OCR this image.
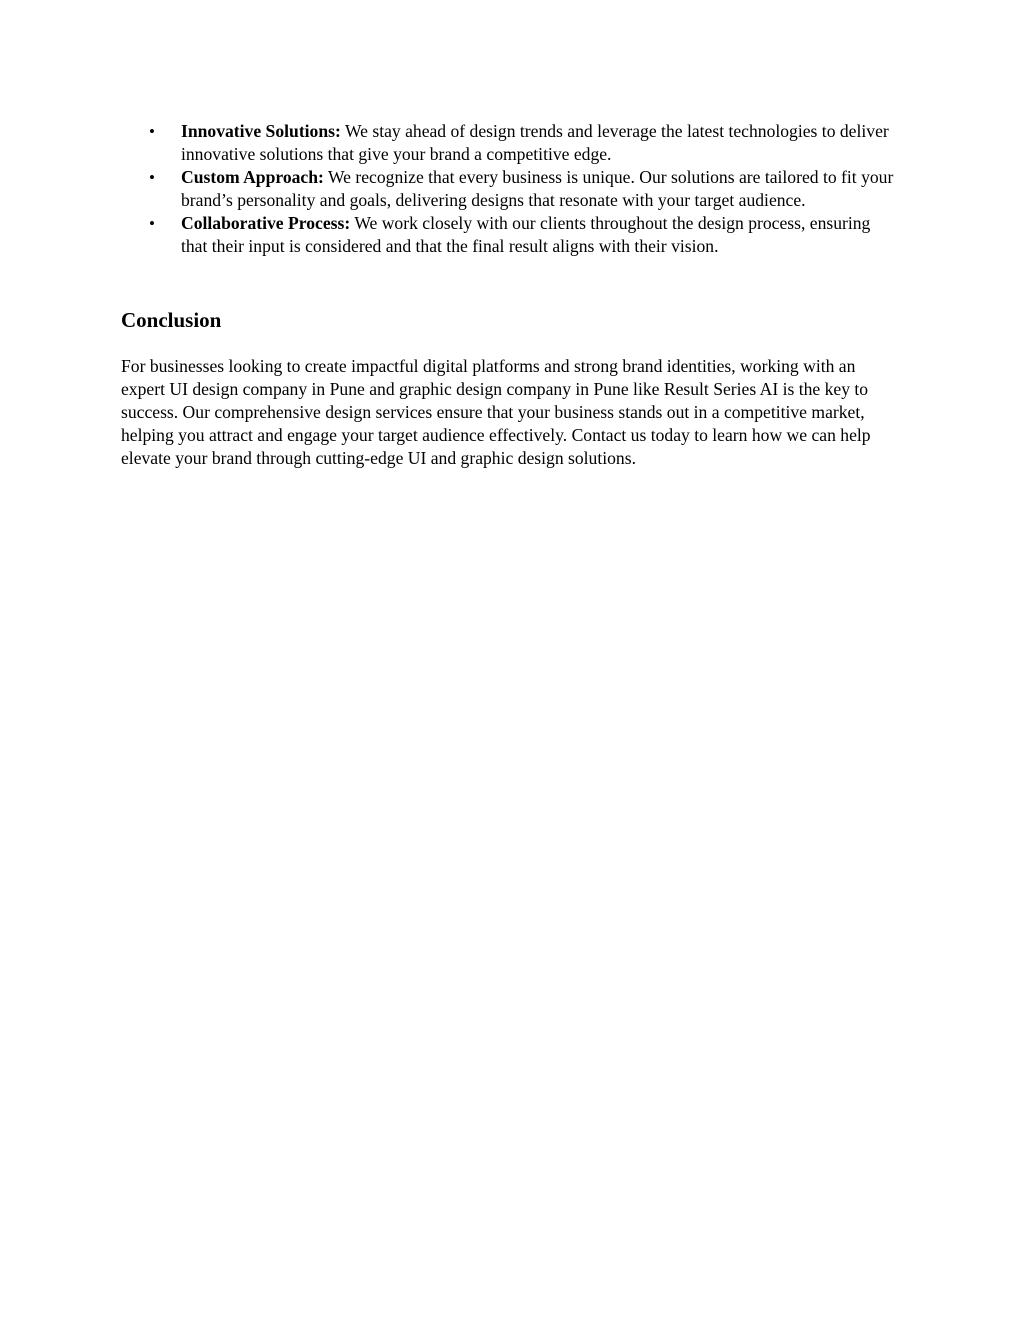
• Innovative Solutions: We stay ahead of design trends and leverage the latest technologies to deliver innovative solutions that give your brand a competitive edge.
• Custom Approach: We recognize that every business is unique. Our solutions are tailored to fit your brand’s personality and goals, delivering designs that resonate with your target audience.
• Collaborative Process: We work closely with our clients throughout the design process, ensuring that their input is considered and that the final result aligns with their vision.
Conclusion

For businesses looking to create impactful digital platforms and strong brand identities, working with an expert UI design company in Pune and graphic design company in Pune like Result Series AI is the key to success. Our comprehensive design services ensure that your business stands out in a competitive market, helping you attract and engage your target audience effectively. Contact us today to learn how we can help elevate your brand through cutting-edge UI and graphic design solutions.
